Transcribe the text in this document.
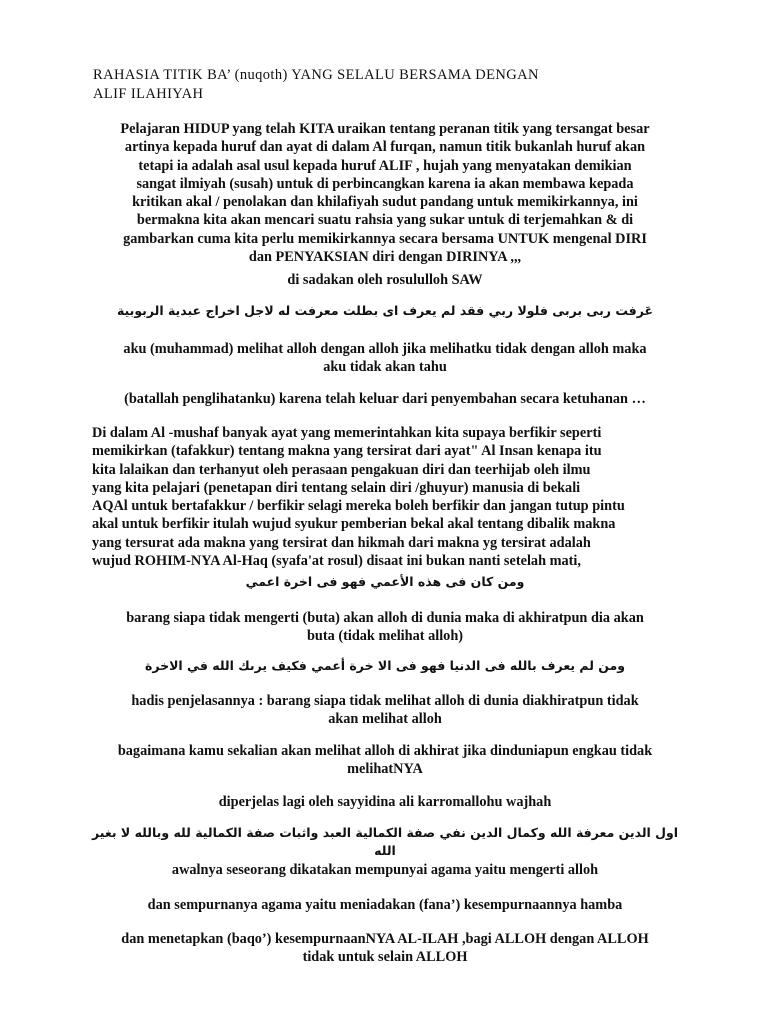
RAHASIA TITIK BA’ (nuqoth) YANG SELALU BERSAMA DENGAN
ALIF ILAHIYAH

Pelajaran HIDUP yang telah KITA uraikan tentang peranan titik yang tersangat besar
artinya kepada huruf dan ayat di dalam Al furqan, namun titik bukanlah huruf akan
tetapi ia adalah asal usul kepada huruf ALIF , hujah yang menyatakan demikian
sangat ilmiyah (susah) untuk di perbincangkan karena ia akan membawa kepada
kritikan akal / penolakan dan khilafiyah sudut pandang untuk memikirkannya, ini
bermakna kita akan mencari suatu rahsia yang sukar untuk di terjemahkan & di
gambarkan cuma kita perlu memikirkannya secara bersama UNTUK mengenal DIRI
dan PENYAKSIAN diri dengan DIRINYA ,,,

di sadakan oleh rosululloh SAW

عَرفت ربى بربى فلولا ربي فقد لم يعرف اى بطلت معرفت له لاجل اخراج عبدية الربوبية

aku (muhammad) melihat alloh dengan alloh jika melihatku tidak dengan alloh maka
aku tidak akan tahu

(batallah penglihatanku) karena telah keluar dari penyembahan secara ketuhanan …

Di dalam Al -mushaf banyak ayat yang memerintahkan kita supaya berfikir seperti
memikirkan (tafakkur) tentang makna yang tersirat dari ayat" Al Insan kenapa itu
kita lalaikan dan terhanyut oleh perasaan pengakuan diri dan teerhijab oleh ilmu
yang kita pelajari (penetapan diri tentang selain diri /ghuyur) manusia di bekali
AQAl untuk bertafakkur / berfikir selagi mereka boleh berfikir dan jangan tutup pintu
akal untuk berfikir itulah wujud syukur pemberian bekal akal tentang dibalik makna
yang tersurat ada makna yang tersirat dan hikmah dari makna yg tersirat adalah
wujud ROHIM-NYA Al-Haq (syafa'at rosul) disaat ini bukan nanti setelah mati,

ومن كان فى هذه الأعمي فهو فى اخرة اعمي

barang siapa tidak mengerti (buta) akan alloh di dunia maka di akhiratpun dia akan
buta (tidak melihat alloh)

ومن لم يعرف بالله فى الدنيا فهو فى الا خرة أعمي فكيف يرىك الله في الاخرة

hadis penjelasannya : barang siapa tidak melihat alloh di dunia diakhiratpun tidak
akan melihat alloh

bagaimana kamu sekalian akan melihat alloh di akhirat jika dinduniapun engkau tidak
melihatNYA

diperjelas lagi oleh sayyidina ali karromallohu wajhah

اول الدين معرفة الله وكمال الدين نفي صفة الكمالية العبد واثبات صفة الكمالية لله وبالله لا بغير الله

awalnya seseorang dikatakan mempunyai agama yaitu mengerti alloh

dan sempurnanya agama yaitu meniadakan (fana’) kesempurnaannya hamba

dan menetapkan (baqo’) kesempurnaanNYA AL-ILAH ,bagi ALLOH dengan ALLOH
tidak untuk selain ALLOH
